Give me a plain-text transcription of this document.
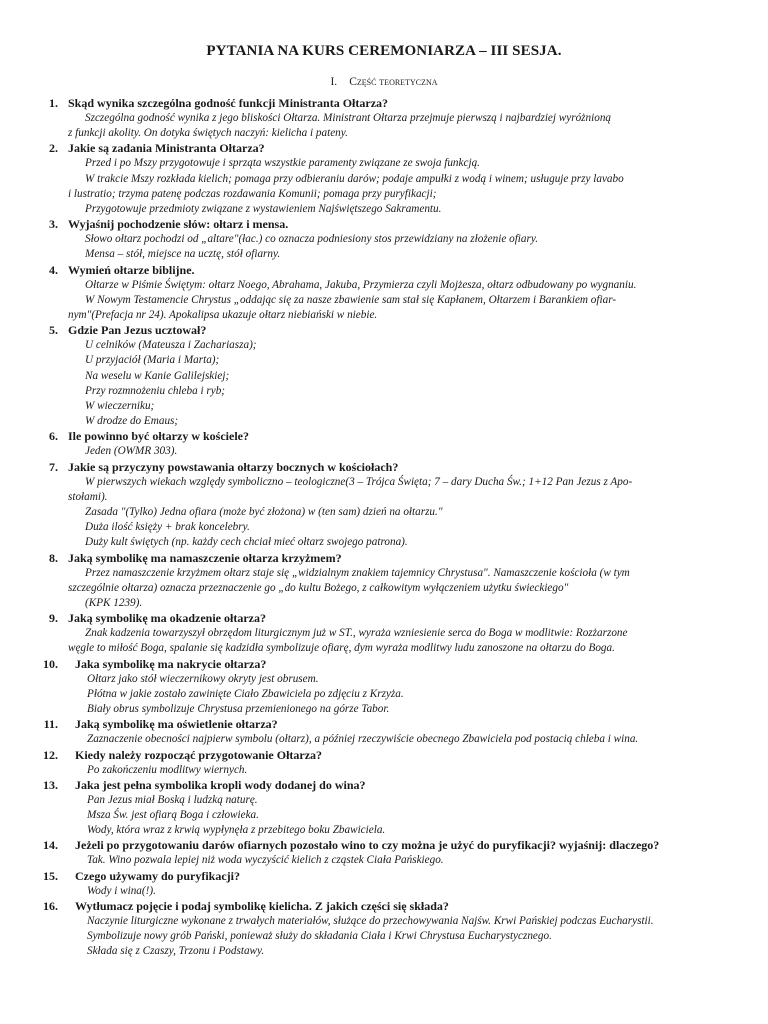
PYTANIA NA KURS CEREMONIARZA – III SESJA.
I. Część teoretyczna
1. Skąd wynika szczególna godność funkcji Ministranta Ołtarza?

Szczególna godność wynika z jego bliskości Ołtarza. Ministrant Ołtarza przejmuje pierwszą i najbardziej wyróżnioną

z funkcji akolity. On dotyka świętych naczyń: kielicha i pateny.

2. Jakie są zadania Ministranta Ołtarza?

Przed i po Mszy przygotowuje i sprząta wszystkie paramenty związane ze swoja funkcją.

W trakcie Mszy rozkłada kielich; pomaga przy odbieraniu darów; podaje ampułki z wodą i winem; usługuje przy lavabo

i lustratio; trzyma patenę podczas rozdawania Komunii; pomaga przy puryfikacji;

Przygotowuje przedmioty związane z wystawieniem Najświętszego Sakramentu.

3. Wyjaśnij pochodzenie słów: ołtarz i mensa.

Słowo ołtarz pochodzi od „altare"(łac.) co oznacza podniesiony stos przewidziany na złożenie ofiary.

Mensa – stół, miejsce na ucztę, stół ofiarny.

4. Wymień ołtarze biblijne.

Ołtarze w Piśmie Świętym: ołtarz Noego, Abrahama, Jakuba, Przymierza czyli Mojżesza, ołtarz odbudowany po wygnaniu.

W Nowym Testamencie Chrystus „oddając się za nasze zbawienie sam stał się Kapłanem, Ołtarzem i Barankiem ofiar-

nym"(Prefacja nr 24). Apokalipsa ukazuje ołtarz niebiański w niebie.

5. Gdzie Pan Jezus ucztował?

U celników (Mateusza i Zachariasza);

U przyjaciół (Maria i Marta);

Na weselu w Kanie Galilejskiej;

Przy rozmnożeniu chleba i ryb;

W wieczerniku;

W drodze do Emaus;

6. Ile powinno być ołtarzy w kościele?

Jeden (OWMR 303).

7. Jakie są przyczyny powstawania ołtarzy bocznych w kościołach?

W pierwszych wiekach względy symboliczno – teologiczne(3 – Trójca Święta; 7 – dary Ducha Św.; 1+12 Pan Jezus z Apo-

stołami).

Zasada "(Tylko) Jedna ofiara (może być złożona) w (ten sam) dzień na ołtarzu."

Duża ilość księży + brak koncelebry.

Duży kult świętych (np. każdy cech chciał mieć ołtarz swojego patrona).

8. Jaką symbolikę ma namaszczenie ołtarza krzyżmem?

Przez namaszczenie krzyżmem ołtarz staje się „widzialnym znakiem tajemnicy Chrystusa". Namaszczenie kościoła (w tym

szczególnie ołtarza) oznacza przeznaczenie go „do kultu Bożego, z całkowitym wyłączeniem użytku świeckiego"

(KPK 1239).

9. Jaką symbolikę ma okadzenie ołtarza?

Znak kadzenia towarzyszył obrzędom liturgicznym już w ST., wyraża wzniesienie serca do Boga w modlitwie: Rozżarzone

węgle to miłość Boga, spalanie się kadzidła symbolizuje ofiarę, dym wyraża modlitwy ludu zanoszone na ołtarzu do Boga.

10. Jaka symbolikę ma nakrycie ołtarza?

Ołtarz jako stół wieczernikowy okryty jest obrusem.

Płótna w jakie zostało zawinięte Ciało Zbawiciela po zdjęciu z Krzyża.

Biały obrus symbolizuje Chrystusa przemienionego na górze Tabor.

11. Jaką symbolikę ma oświetlenie ołtarza?

Zaznaczenie obecności najpierw symbolu (ołtarz), a później rzeczywiście obecnego Zbawiciela pod postacią chleba i wina.

12. Kiedy należy rozpocząć przygotowanie Ołtarza?

Po zakończeniu modlitwy wiernych.

13. Jaka jest pełna symbolika kropli wody dodanej do wina?

Pan Jezus miał Boską i ludzką naturę.

Msza Św. jest ofiarą Boga i człowieka.

Wody, która wraz z krwią wypłynęła z przebitego boku Zbawiciela.

14. Jeżeli po przygotowaniu darów ofiarnych pozostało wino to czy można je użyć do puryfikacji? wyjaśnij: dlaczego?

Tak. Wino pozwala lepiej niż woda wyczyścić kielich z cząstek Ciała Pańskiego.

15. Czego używamy do puryfikacji?

Wody i wina(!).

16. Wytłumacz pojęcie i podaj symbolikę kielicha. Z jakich części się składa?

Naczynie liturgiczne wykonane z trwałych materiałów, służące do przechowywania Najśw. Krwi Pańskiej podczas Eucharystii.

Symbolizuje nowy grób Pański, ponieważ służy do składania Ciała i Krwi Chrystusa Eucharystycznego.

Składa się z Czaszy, Trzonu i Podstawy.
